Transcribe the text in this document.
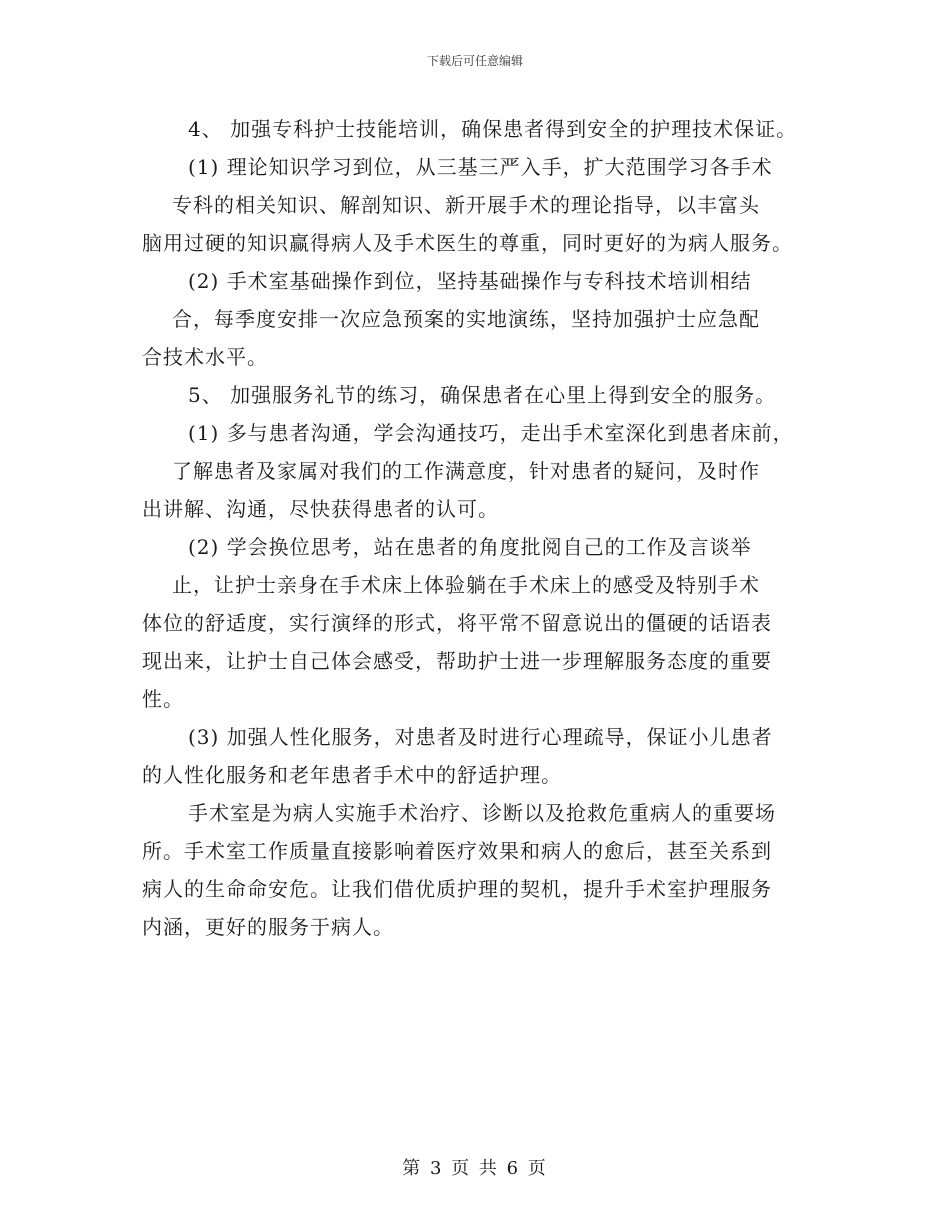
下载后可任意编辑
4、 加强专科护士技能培训，确保患者得到安全的护理技术保证。
(1) 理论知识学习到位，从三基三严入手，扩大范围学习各手术
专科的相关知识、解剖知识、新开展手术的理论指导，以丰富头
脑用过硬的知识赢得病人及手术医生的尊重，同时更好的为病人服务。
(2) 手术室基础操作到位，坚持基础操作与专科技术培训相结
合，每季度安排一次应急预案的实地演练，坚持加强护士应急配
合技术水平。
5、 加强服务礼节的练习，确保患者在心里上得到安全的服务。
(1) 多与患者沟通，学会沟通技巧，走出手术室深化到患者床前，
了解患者及家属对我们的工作满意度，针对患者的疑问，及时作
出讲解、沟通，尽快获得患者的认可。
(2) 学会换位思考，站在患者的角度批阅自己的工作及言谈举
止，让护士亲身在手术床上体验躺在手术床上的感受及特别手术
体位的舒适度，实行演绎的形式，将平常不留意说出的僵硬的话语表
现出来，让护士自己体会感受，帮助护士进一步理解服务态度的重要
性。
(3) 加强人性化服务，对患者及时进行心理疏导，保证小儿患者
的人性化服务和老年患者手术中的舒适护理。
手术室是为病人实施手术治疗、诊断以及抢救危重病人的重要场
所。手术室工作质量直接影响着医疗效果和病人的愈后，甚至关系到
病人的生命命安危。让我们借优质护理的契机，提升手术室护理服务
内涵，更好的服务于病人。
第 3 页 共 6 页
